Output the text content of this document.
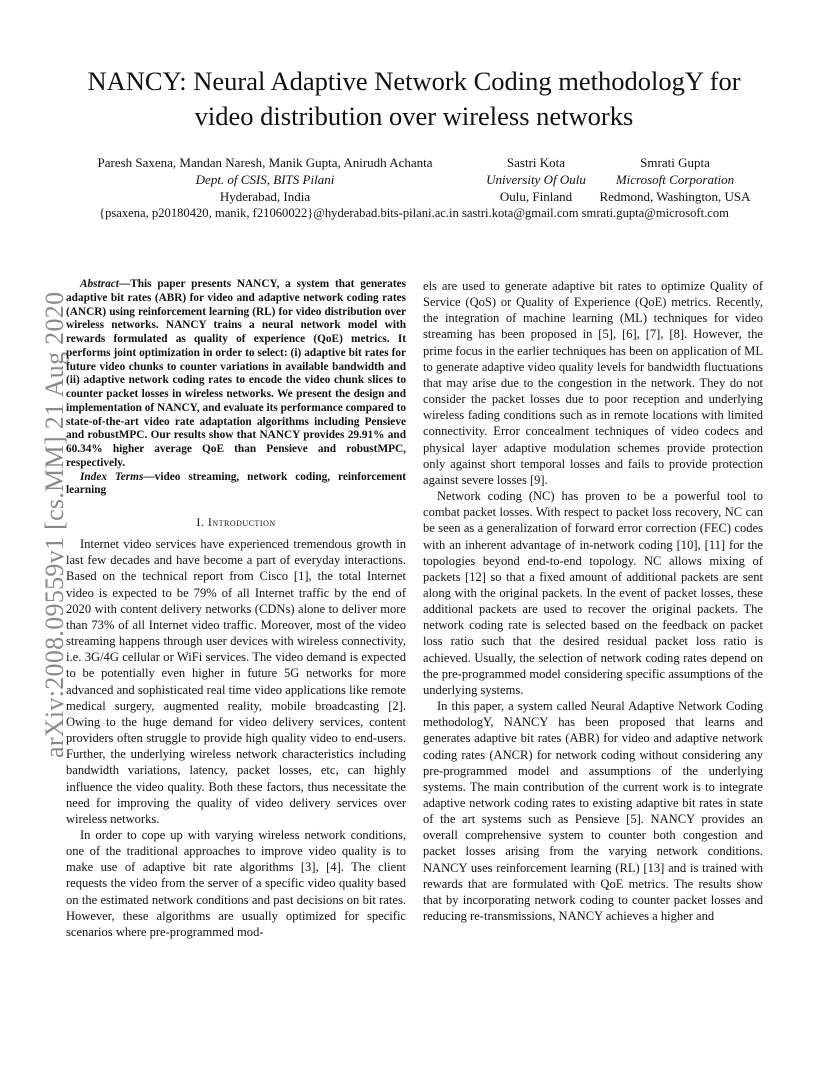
NANCY: Neural Adaptive Network Coding methodologY for
video distribution over wireless networks
Paresh Saxena, Mandan Naresh, Manik Gupta, Anirudh Achanta
Dept. of CSIS, BITS Pilani
Hyderabad, India
Sastri Kota
University Of Oulu
Oulu, Finland
Smrati Gupta
Microsoft Corporation
Redmond, Washington, USA
{psaxena, p20180420, manik, f21060022}@hyderabad.bits-pilani.ac.in sastri.kota@gmail.com smrati.gupta@microsoft.com
arXiv:2008.09559v1 [cs.MM] 21 Aug 2020

Abstract—This paper presents NANCY, a system that generates adaptive bit rates (ABR) for video and adaptive network coding rates (ANCR) using reinforcement learning (RL) for video distribution over wireless networks. NANCY trains a neural network model with rewards formulated as quality of experience (QoE) metrics. It performs joint optimization in order to select: (i) adaptive bit rates for future video chunks to counter variations in available bandwidth and (ii) adaptive network coding rates to encode the video chunk slices to counter packet losses in wireless networks. We present the design and implementation of NANCY, and evaluate its performance compared to state-of-the-art video rate adaptation algorithms including Pensieve and robustMPC. Our results show that NANCY provides 29.91% and 60.34% higher average QoE than Pensieve and robustMPC, respectively.

Index Terms—video streaming, network coding, reinforcement learning

I. Introduction

Internet video services have experienced tremendous growth in last few decades and have become a part of everyday interactions. Based on the technical report from Cisco [1], the total Internet video is expected to be 79% of all Internet traffic by the end of 2020 with content delivery networks (CDNs) alone to deliver more than 73% of all Internet video traffic. Moreover, most of the video streaming happens through user devices with wireless connectivity, i.e. 3G/4G cellular or WiFi services. The video demand is expected to be potentially even higher in future 5G networks for more advanced and sophisticated real time video applications like remote medical surgery, augmented reality, mobile broadcasting [2]. Owing to the huge demand for video delivery services, content providers often struggle to provide high quality video to end-users. Further, the underlying wireless network characteristics including bandwidth variations, latency, packet losses, etc, can highly influence the video quality. Both these factors, thus necessitate the need for improving the quality of video delivery services over wireless networks.

In order to cope up with varying wireless network conditions, one of the traditional approaches to improve video quality is to make use of adaptive bit rate algorithms [3], [4]. The client requests the video from the server of a specific video quality based on the estimated network conditions and past decisions on bit rates. However, these algorithms are usually optimized for specific scenarios where pre-programmed mod-

els are used to generate adaptive bit rates to optimize Quality of Service (QoS) or Quality of Experience (QoE) metrics. Recently, the integration of machine learning (ML) techniques for video streaming has been proposed in [5], [6], [7], [8]. However, the prime focus in the earlier techniques has been on application of ML to generate adaptive video quality levels for bandwidth fluctuations that may arise due to the congestion in the network. They do not consider the packet losses due to poor reception and underlying wireless fading conditions such as in remote locations with limited connectivity. Error concealment techniques of video codecs and physical layer adaptive modulation schemes provide protection only against short temporal losses and fails to provide protection against severe losses [9].

Network coding (NC) has proven to be a powerful tool to combat packet losses. With respect to packet loss recovery, NC can be seen as a generalization of forward error correction (FEC) codes with an inherent advantage of in-network coding [10], [11] for the topologies beyond end-to-end topology. NC allows mixing of packets [12] so that a fixed amount of additional packets are sent along with the original packets. In the event of packet losses, these additional packets are used to recover the original packets. The network coding rate is selected based on the feedback on packet loss ratio such that the desired residual packet loss ratio is achieved. Usually, the selection of network coding rates depend on the pre-programmed model considering specific assumptions of the underlying systems.

In this paper, a system called Neural Adaptive Network Coding methodologY, NANCY has been proposed that learns and generates adaptive bit rates (ABR) for video and adaptive network coding rates (ANCR) for network coding without considering any pre-programmed model and assumptions of the underlying systems. The main contribution of the current work is to integrate adaptive network coding rates to existing adaptive bit rates in state of the art systems such as Pensieve [5]. NANCY provides an overall comprehensive system to counter both congestion and packet losses arising from the varying network conditions. NANCY uses reinforcement learning (RL) [13] and is trained with rewards that are formulated with QoE metrics. The results show that by incorporating network coding to counter packet losses and reducing re-transmissions, NANCY achieves a higher and
